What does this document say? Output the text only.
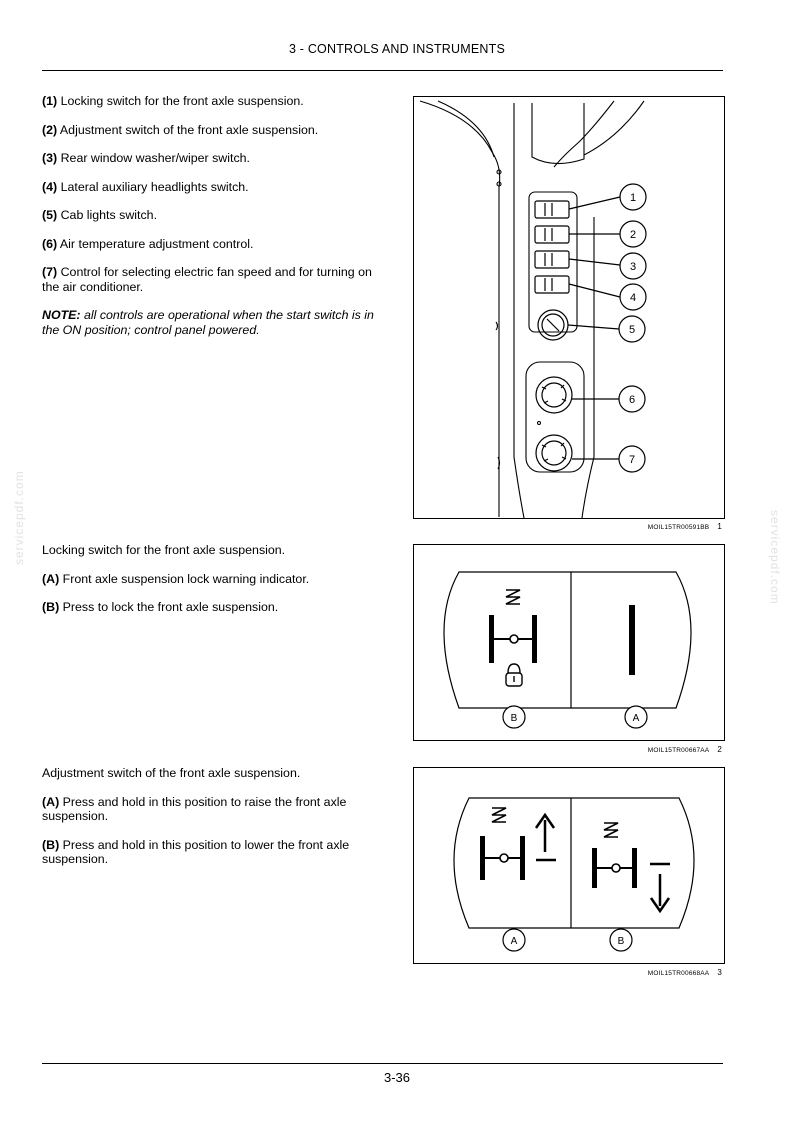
3 - CONTROLS AND INSTRUMENTS
servicepdf.com	servicepdf.com

(1) Locking switch for the front axle suspension.

(2) Adjustment switch of the front axle suspension.

(3) Rear window washer/wiper switch.

(4) Lateral auxiliary headlights switch.

(5) Cab lights switch.

(6) Air temperature adjustment control.

(7) Control for selecting electric fan speed and for turning on the air conditioner.

NOTE: all controls are operational when the start switch is in the ON position; control panel powered.

1
2
3
4
5
6
7
MOIL15TR00591BB 1

Locking switch for the front axle suspension.

(A) Front axle suspension lock warning indicator.

(B) Press to lock the front axle suspension.

B	A
MOIL15TR00667AA 2

Adjustment switch of the front axle suspension.

(A) Press and hold in this position to raise the front axle suspension.

(B) Press and hold in this position to lower the front axle suspension.

A	B
MOIL15TR00668AA 3
3-36
